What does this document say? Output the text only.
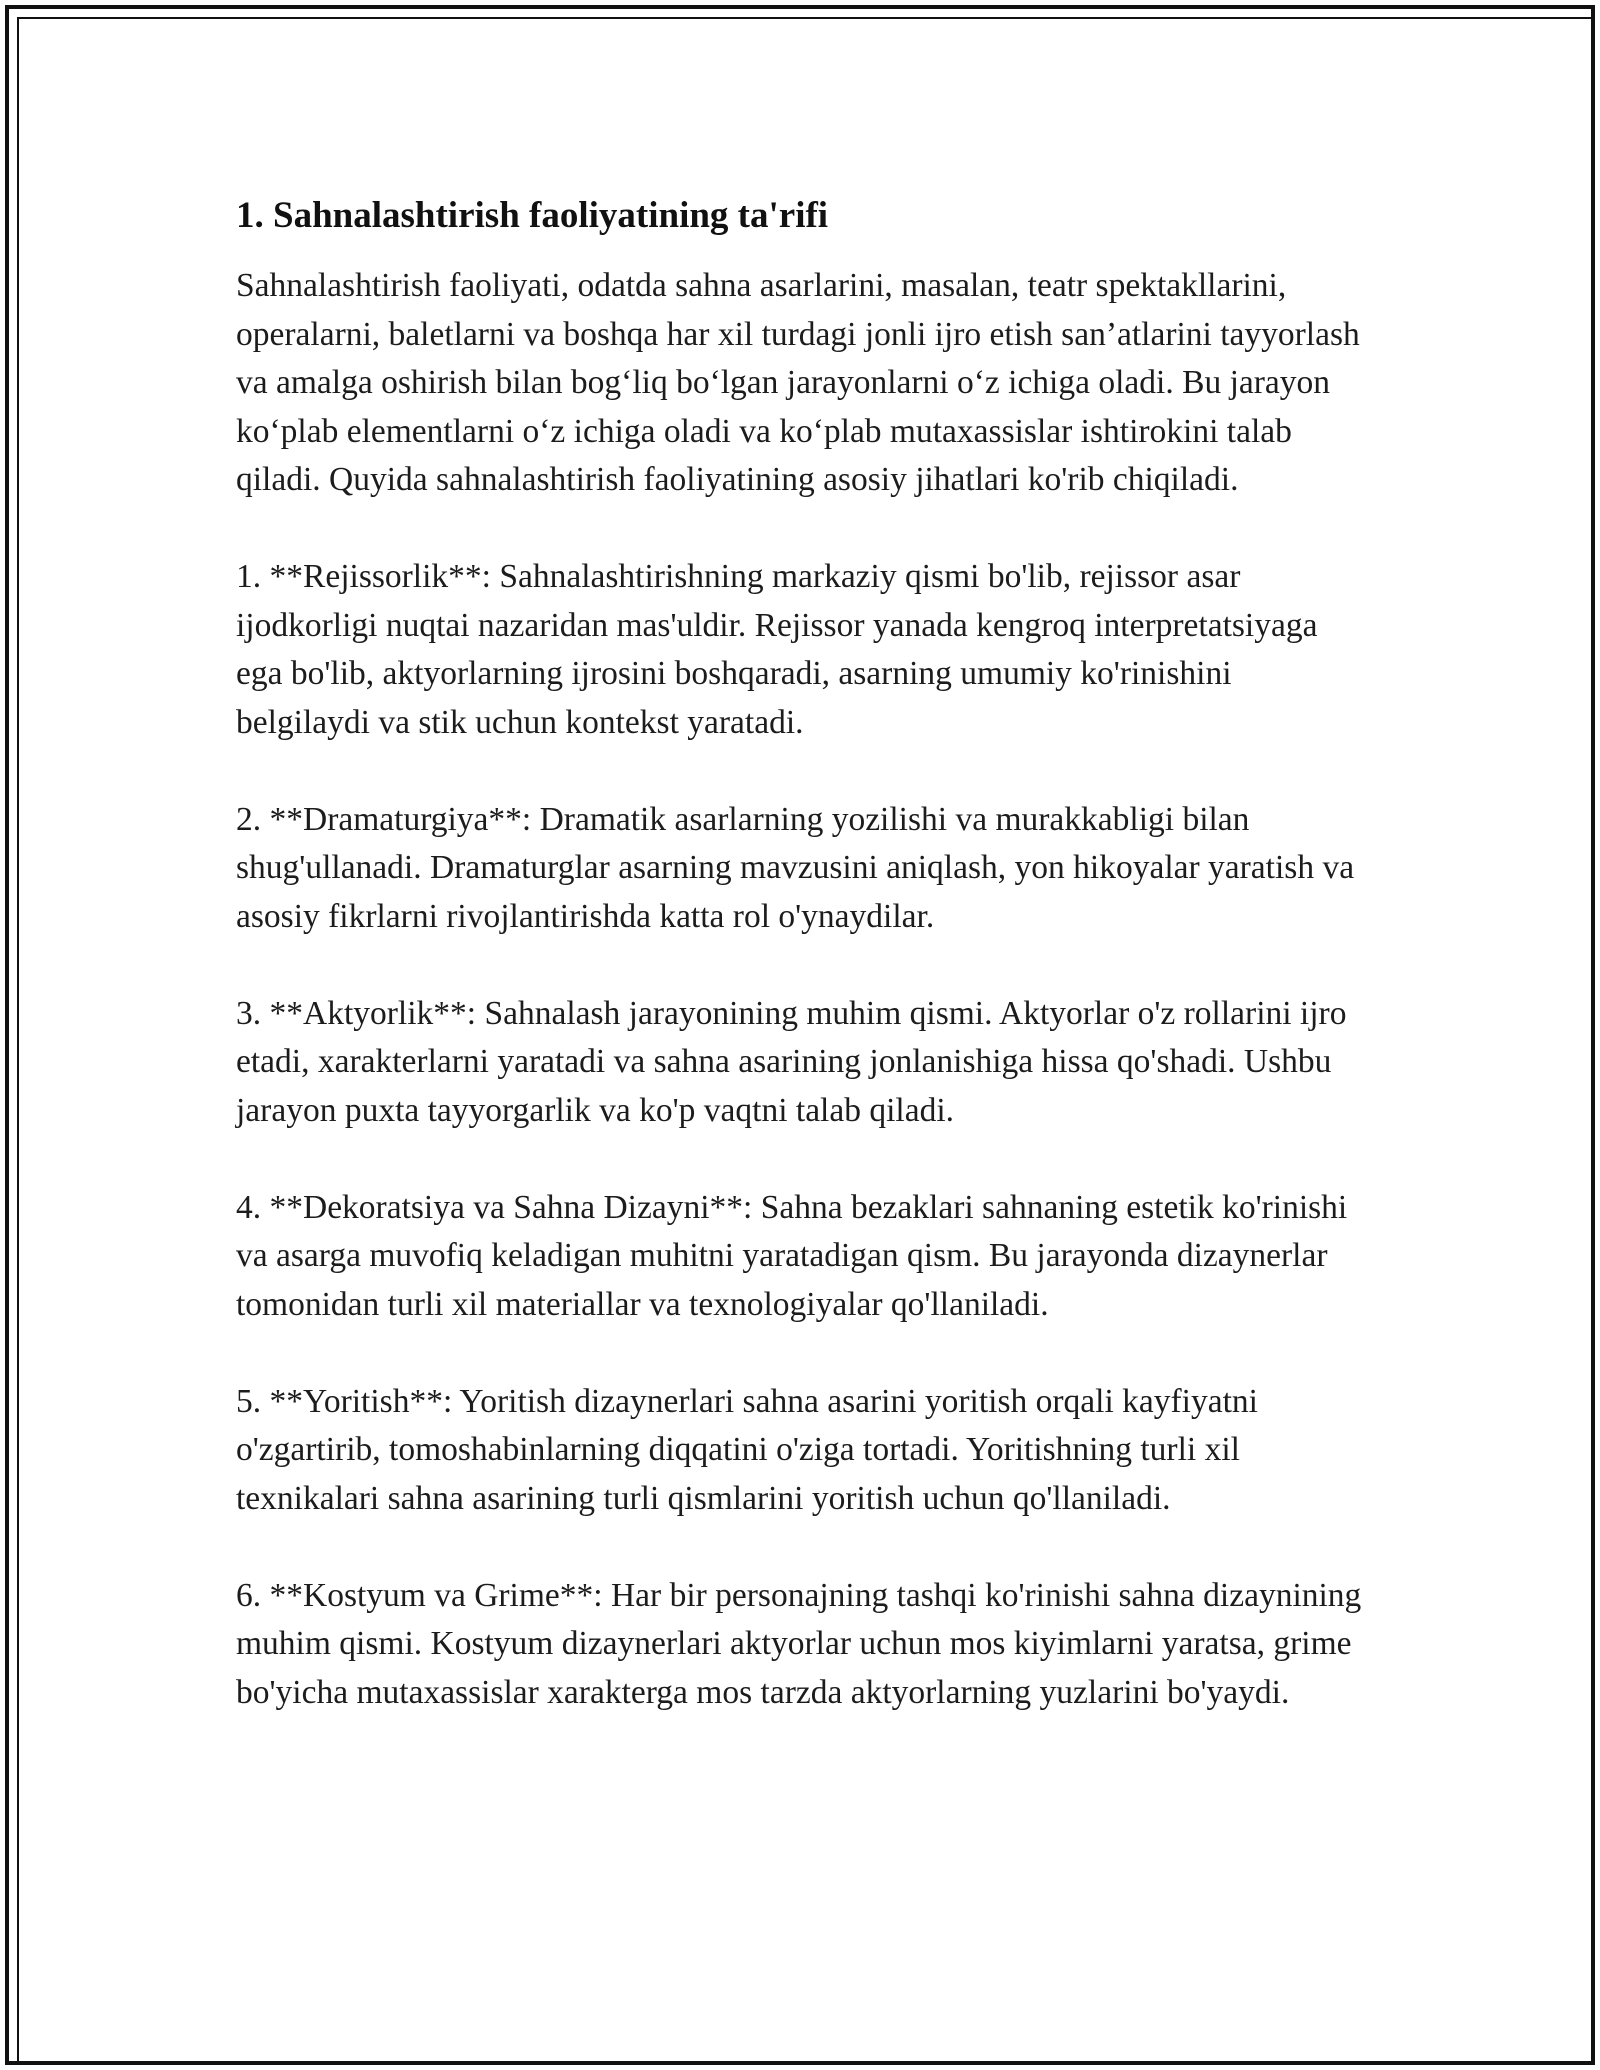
1. Sahnalashtirish faoliyatining ta'rifi

Sahnalashtirish faoliyati, odatda sahna asarlarini, masalan, teatr spektakllarini, operalarni, baletlarni va boshqa har xil turdagi jonli ijro etish san’atlarini tayyorlash va amalga oshirish bilan bog‘liq bo‘lgan jarayonlarni o‘z ichiga oladi. Bu jarayon ko‘plab elementlarni o‘z ichiga oladi va ko‘plab mutaxassislar ishtirokini talab qiladi. Quyida sahnalashtirish faoliyatining asosiy jihatlari ko'rib chiqiladi.

1. **Rejissorlik**: Sahnalashtirishning markaziy qismi bo'lib, rejissor asar ijodkorligi nuqtai nazaridan mas'uldir. Rejissor yanada kengroq interpretatsiyaga ega bo'lib, aktyorlarning ijrosini boshqaradi, asarning umumiy ko'rinishini belgilaydi va stik uchun kontekst yaratadi.

2. **Dramaturgiya**: Dramatik asarlarning yozilishi va murakkabligi bilan shug'ullanadi. Dramaturglar asarning mavzusini aniqlash, yon hikoyalar yaratish va asosiy fikrlarni rivojlantirishda katta rol o'ynaydilar.

3. **Aktyorlik**: Sahnalash jarayonining muhim qismi. Aktyorlar o'z rollarini ijro etadi, xarakterlarni yaratadi va sahna asarining jonlanishiga hissa qo'shadi. Ushbu jarayon puxta tayyorgarlik va ko'p vaqtni talab qiladi.

4. **Dekoratsiya va Sahna Dizayni**: Sahna bezaklari sahnaning estetik ko'rinishi va asarga muvofiq keladigan muhitni yaratadigan qism. Bu jarayonda dizaynerlar tomonidan turli xil materiallar va texnologiyalar qo'llaniladi.

5. **Yoritish**: Yoritish dizaynerlari sahna asarini yoritish orqali kayfiyatni o'zgartirib, tomoshabinlarning diqqatini o'ziga tortadi. Yoritishning turli xil texnikalari sahna asarining turli qismlarini yoritish uchun qo'llaniladi.

6. **Kostyum va Grime**: Har bir personajning tashqi ko'rinishi sahna dizaynining muhim qismi. Kostyum dizaynerlari aktyorlar uchun mos kiyimlarni yaratsa, grime bo'yicha mutaxassislar xarakterga mos tarzda aktyorlarning yuzlarini bo'yaydi.
